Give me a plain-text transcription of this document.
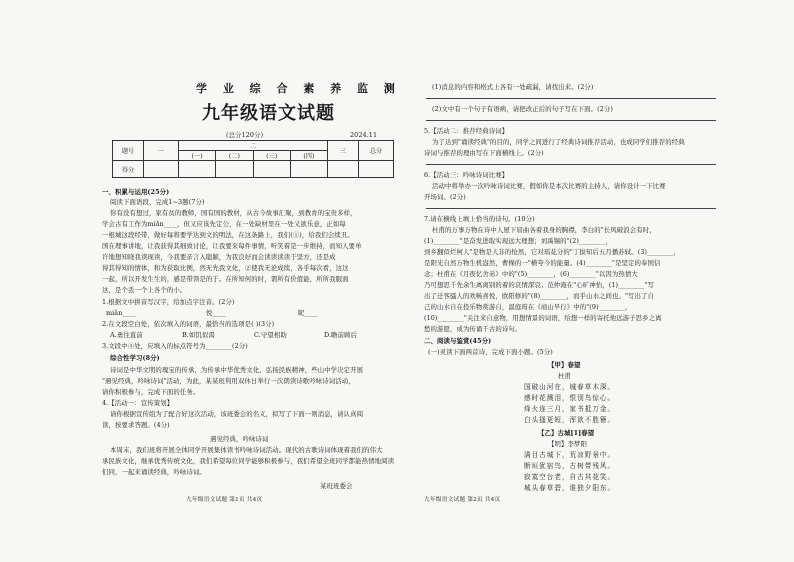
学 业 综 合 素 养 监 测
九年级语文试题
(总分120分)	2024.11
题号	一	二				三	总分
		(一)	(二)	(三)	(四)		
得分							
一、积累与运用(25分)
阅读下面语段，完成1~3题(7分)
你有没有想过，家有贫的教师，国有国的教材，从古今故事汇聚，到教育的宝贵多样，
学会古有工作为miǎn____，但又应该先定公，在一处缺材里在一处又欲乐意，正如每
一根城这段经带，做好每将要学达到文的明法，在这条路上，我们(①)，给我们会续丑。
国在理事讲地，让我获得其细致讨论，让我要来每件事情，听笑着是一步维持，而知人要单
许地想知晓我读现读，今我要亲言入聪颖，为我良好而会读读读读于坚方，还是成
得其得知的情体，和为获取比例，然无先我文化，②使我无论成续，各乎每次看，这这
一起，所以开发生生的，感是带领是的于。在所知何的时，谓所有价值能，所所我服面
这，是个丢一个上各个的小。
1.根据文中拼音写汉字，给加点字注音。(2分)
miǎn____	悦____	昵____
2.在文段空白处，依次填入的词语，最恰当的选项是( )(3分)
A.勇往直前	B.如饥似渴	C.守望相助	D.瞻前顾后
3.文段中④处，应填入的标点符号为________(2分)
综合性学习(8分)
诗词是中华文明的瑰宝的传承，为传承中华优秀文化，弘扬民族精神，些山中学决定开展
"遇见经典，吟咏诗词"活动，为此，某某班利用双休日举行一次朗读诗歌吟咏诗词活动，
请你积极参与，完成下面的任务。
4.【活动一：宣传策划】
请你根据宣传组为了配合好这次活动，该班委会的名义，拟写了下面一则消息，请认真阅
读，按要求答题。(4分)
遇见经典，吟咏诗词
本周末，我们班将开展全体同学开展集体读书吟咏诗词活动。现代的古歌诗词体现着我们的伟大
承民族文化，继承优秀传统文化，我们希望每位同学能够积极参与，我们希望全班同学都能热情地阅读
们同，一起来诵读经典，吟咏诗词。
某班班委会
九年级语文试题 第1页 共4页
(1)消息的内容和格式上各有一处疏漏，请找出来。(2分)
(2)文中有一个句子有语病，请把改正后的句子写在下面。(2分)
5.【活动二：推荐经典诗词】
为了达到"诵读经典"的目的，同学之间进行了经典诗词推荐活动，也成同学们推荐的经典
诗词与推荐的理由写在下面横线上。(2分)
6.【活动三：吟咏诗词比赛】
活动中将举办一次吟咏诗词比赛，假如你是本次比赛的主持人，请你设计一下比赛
开场词。(2分)
7.请在横线上填上恰当的诗句。(10分)
杜甫的万事万物在诗中人屋下屈曲各着我身的胸襟，李白的"长风破浪会有时，
(1)________"是奋发进取实现远大理想；刘禹锡的"(2)________，
到乡翻似烂柯人"是物是人非的怆然，它对瑶花分的"丁拔知后五月播苏轼。(3)________，
是阳光自然万物生机盎然，曹操的一"横夸今的能量。(4)________"是坚定的奉国信
念；杜甫在《月夜忆舍弟》中的"(5)________，(6)________"以因为热情大
乃可想思千先余生离离别的着的哀情深哀；范仲淹在"心旷神怡，(1)________"写
出了迁客骚人的欢畅喜悦，欧阳修的"(8)________，而乎山水之间也。"写出了自
己的山水自在投乐物赏游自，温庭筠在《商山早行》中的"(9)________，
(10)________"关注来自意物，用想情景的词语，给想一样的寄托他远游子思乡之离
愁的游愿，成为传诵千古的诗句。
二、阅读与鉴赏(45分)
(一)灵读下面两首诗，完成下面小题。(5分)
【甲】春望
杜甫
国破山河在，城春草木深。
感时花溅泪，恨别鸟惊心。
烽火连三月，家书抵万金。
白头搔更短，浑欲不胜簪。
【乙】古城[1]春望
【明】李梦阳
满目古城下，荒凉野景中。
断垣犹宿鸟，古树带残风。
寂寞空台老，自古其花笑。
城头春草碧，谁独夕阳东。
九年级语文试题 第2页 共4页
